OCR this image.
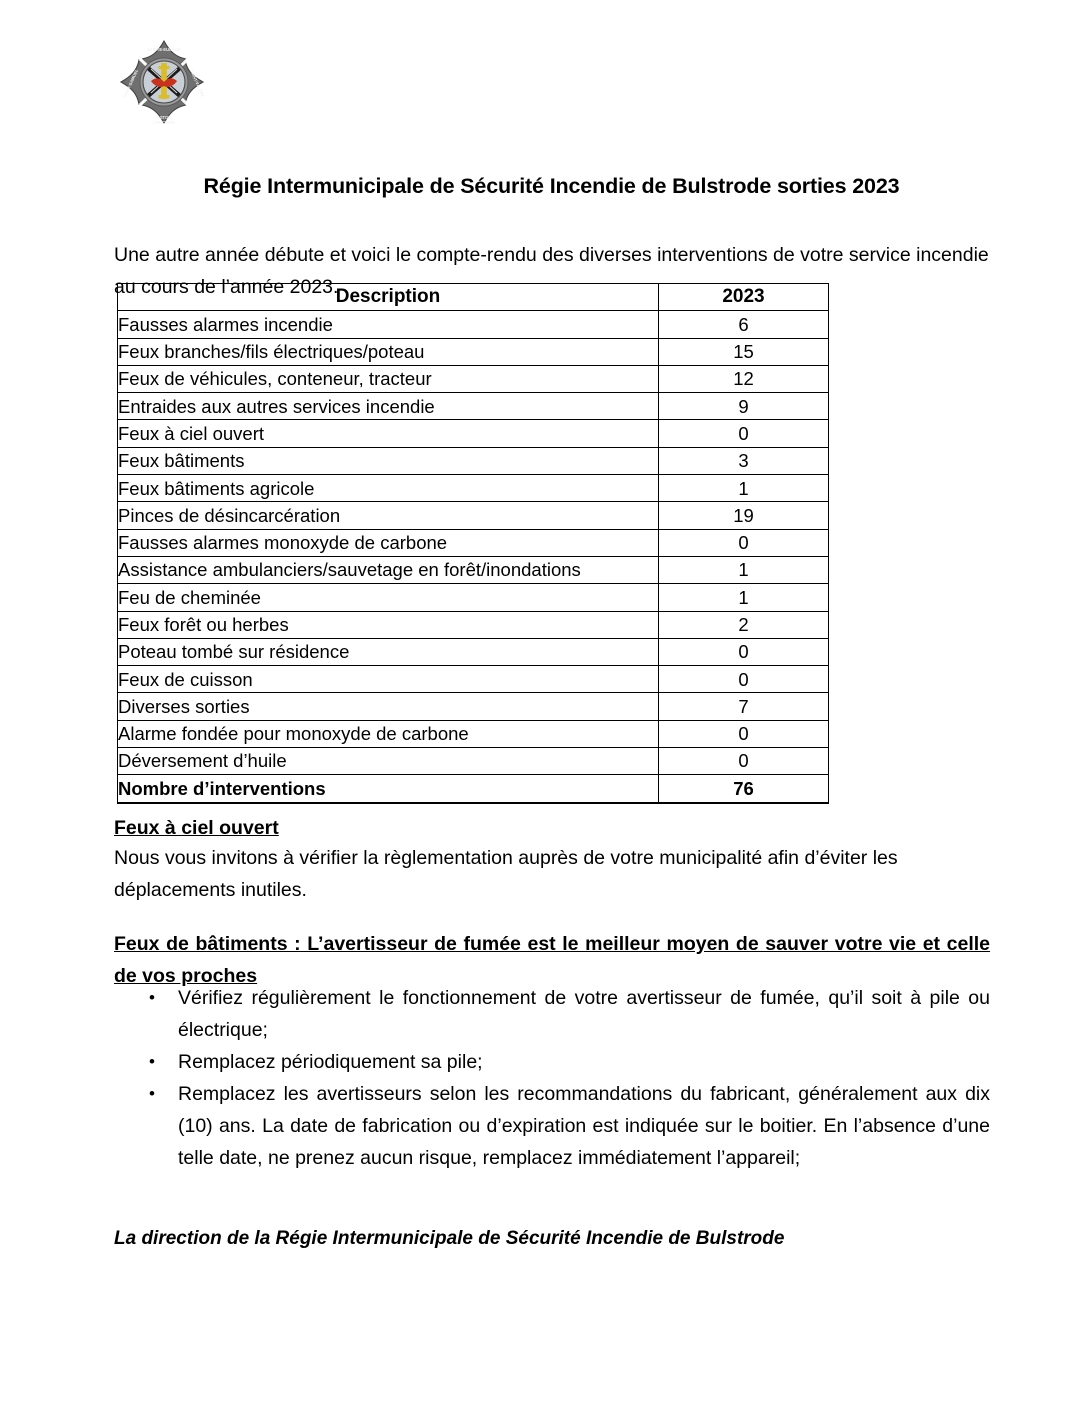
SAINTE-EULALIE
ASTON
JONCTION
SAINT-SAMUEL	SAINT-VALÈRE
Régie Intermunicipale de Sécurité Incendie de Bulstrode sorties 2023

Une autre année débute et voici le compte-rendu des diverses interventions de votre service incendie au cours de l’année 2023.

Description	2023
Fausses alarmes incendie	6
Feux branches/fils électriques/poteau	15
Feux de véhicules, conteneur, tracteur	12
Entraides aux autres services incendie	9
Feux à ciel ouvert	0
Feux bâtiments	3
Feux bâtiments agricole	1
Pinces de désincarcération	19
Fausses alarmes monoxyde de carbone	0
Assistance ambulanciers/sauvetage en forêt/inondations	1
Feu de cheminée	1
Feux forêt ou herbes	2
Poteau tombé sur résidence	0
Feux de cuisson	0
Diverses sorties	7
Alarme fondée pour monoxyde de carbone	0
Déversement d’huile	0
Nombre d’interventions	76
Feux à ciel ouvert
Nous vous invitons à vérifier la règlementation auprès de votre municipalité afin d’éviter les déplacements inutiles.
Feux de bâtiments : L’avertisseur de fumée est le meilleur moyen de sauver votre vie et celle de vos proches
• Vérifiez régulièrement le fonctionnement de votre avertisseur de fumée, qu’il soit à pile ou électrique;
• Remplacez périodiquement sa pile;
• Remplacez les avertisseurs selon les recommandations du fabricant, généralement aux dix (10) ans. La date de fabrication ou d’expiration est indiquée sur le boitier. En l’absence d’une telle date, ne prenez aucun risque, remplacez immédiatement l’appareil;
La direction de la Régie Intermunicipale de Sécurité Incendie de Bulstrode
